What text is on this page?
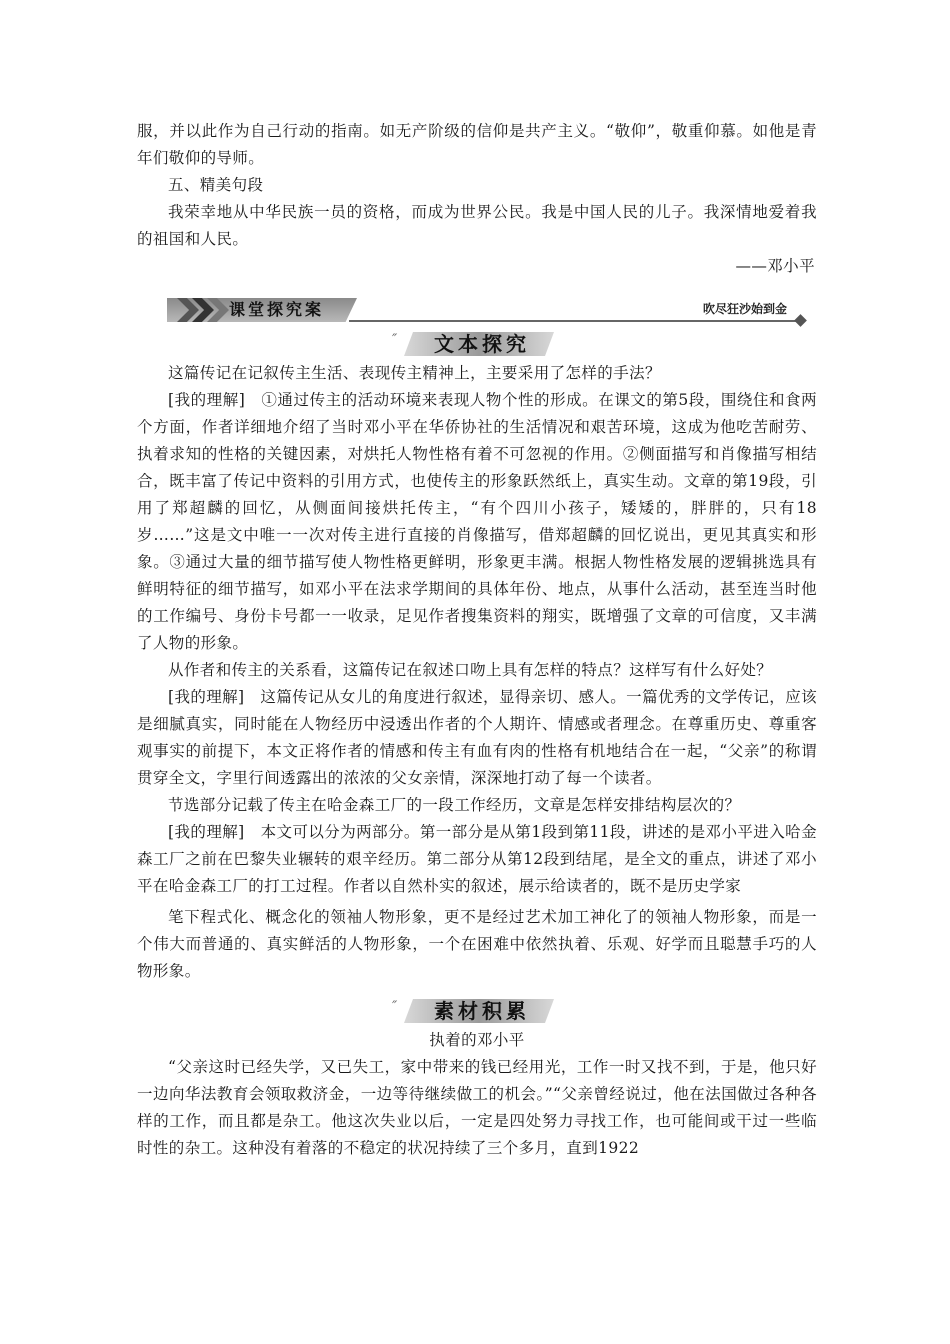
服，并以此作为自己行动的指南。如无产阶级的信仰是共产主义。“敬仰”，敬重仰慕。如他是青年们敬仰的导师。

五、精美句段

我荣幸地从中华民族一员的资格，而成为世界公民。我是中国人民的儿子。我深情地爱着我的祖国和人民。

——邓小平

课堂探究案	吹尽狂沙始到金
″	文本探究

这篇传记在记叙传主生活、表现传主精神上，主要采用了怎样的手法？

[我的理解]　①通过传主的活动环境来表现人物个性的形成。在课文的第5段，围绕住和食两个方面，作者详细地介绍了当时邓小平在华侨协社的生活情况和艰苦环境，这成为他吃苦耐劳、执着求知的性格的关键因素，对烘托人物性格有着不可忽视的作用。②侧面描写和肖像描写相结合，既丰富了传记中资料的引用方式，也使传主的形象跃然纸上，真实生动。文章的第19段，引用了郑超麟的回忆，从侧面间接烘托传主，“有个四川小孩子，矮矮的，胖胖的，只有18岁……”这是文中唯一一次对传主进行直接的肖像描写，借郑超麟的回忆说出，更见其真实和形象。③通过大量的细节描写使人物性格更鲜明，形象更丰满。根据人物性格发展的逻辑挑选具有鲜明特征的细节描写，如邓小平在法求学期间的具体年份、地点，从事什么活动，甚至连当时他的工作编号、身份卡号都一一收录，足见作者搜集资料的翔实，既增强了文章的可信度，又丰满了人物的形象。

从作者和传主的关系看，这篇传记在叙述口吻上具有怎样的特点？这样写有什么好处？

[我的理解]　这篇传记从女儿的角度进行叙述，显得亲切、感人。一篇优秀的文学传记，应该是细腻真实，同时能在人物经历中浸透出作者的个人期许、情感或者理念。在尊重历史、尊重客观事实的前提下，本文正将作者的情感和传主有血有肉的性格有机地结合在一起，“父亲”的称谓贯穿全文，字里行间透露出的浓浓的父女亲情，深深地打动了每一个读者。

节选部分记载了传主在哈金森工厂的一段工作经历，文章是怎样安排结构层次的？

[我的理解]　本文可以分为两部分。第一部分是从第1段到第11段，讲述的是邓小平进入哈金森工厂之前在巴黎失业辗转的艰辛经历。第二部分从第12段到结尾，是全文的重点，讲述了邓小平在哈金森工厂的打工过程。作者以自然朴实的叙述，展示给读者的，既不是历史学家

笔下程式化、概念化的领袖人物形象，更不是经过艺术加工神化了的领袖人物形象，而是一个伟大而普通的、真实鲜活的人物形象，一个在困难中依然执着、乐观、好学而且聪慧手巧的人物形象。

″	素材积累

执着的邓小平

“父亲这时已经失学，又已失工，家中带来的钱已经用光，工作一时又找不到，于是，他只好一边向华法教育会领取救济金，一边等待继续做工的机会。”“父亲曾经说过，他在法国做过各种各样的工作，而且都是杂工。他这次失业以后，一定是四处努力寻找工作，也可能间或干过一些临时性的杂工。这种没有着落的不稳定的状况持续了三个多月，直到1922
